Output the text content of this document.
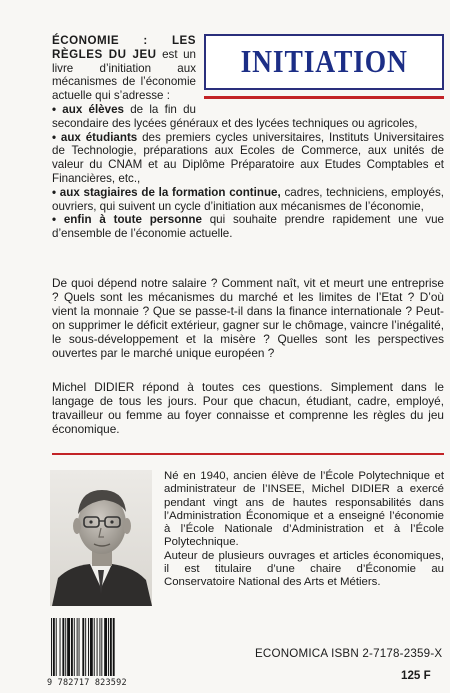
INITIATION
ÉCONOMIE : LES RÈGLES DU JEU est un livre d’initiation aux mécanismes de l’économie actuelle qui s’adresse :
• aux élèves de la fin du secondaire des lycées généraux et des lycées techniques ou agricoles,
• aux étudiants des premiers cycles universitaires, Instituts Universitaires de Technologie, préparations aux Ecoles de Commerce, aux unités de valeur du CNAM et au Diplôme Préparatoire aux Etudes Comptables et Financières, etc.,
• aux stagiaires de la formation continue, cadres, techniciens, employés, ouvriers, qui suivent un cycle d’initiation aux mécanismes de l’économie,
• enfin à toute personne qui souhaite prendre rapidement une vue d’ensemble de l’économie actuelle.

De quoi dépend notre salaire ? Comment naît, vit et meurt une entreprise ? Quels sont les mécanismes du marché et les limites de l’Etat ? D’où vient la monnaie ? Que se passe-t-il dans la finance internationale ? Peut-on supprimer le déficit extérieur, gagner sur le chômage, vaincre l’inégalité, le sous-développement et la misère ? Quelles sont les perspectives ouvertes par le marché unique européen ?

Michel DIDIER répond à toutes ces questions. Simplement dans le langage de tous les jours. Pour que chacun, étudiant, cadre, employé, travailleur ou femme au foyer connaisse et comprenne les règles du jeu économique.

Né en 1940, ancien élève de l’École Polytechnique et administrateur de l’INSEE, Michel DIDIER a exercé pendant vingt ans de hautes responsabilités dans l’Administration Économique et a enseigné l’économie à l’École Nationale d’Administration et à l’École Polytechnique.

Auteur de plusieurs ouvrages et articles économiques, il est titulaire d’une chaire d’Économie au Conservatoire National des Arts et Métiers.

9 782717 823592
ECONOMICA ISBN 2-7178-2359-X
125 F
